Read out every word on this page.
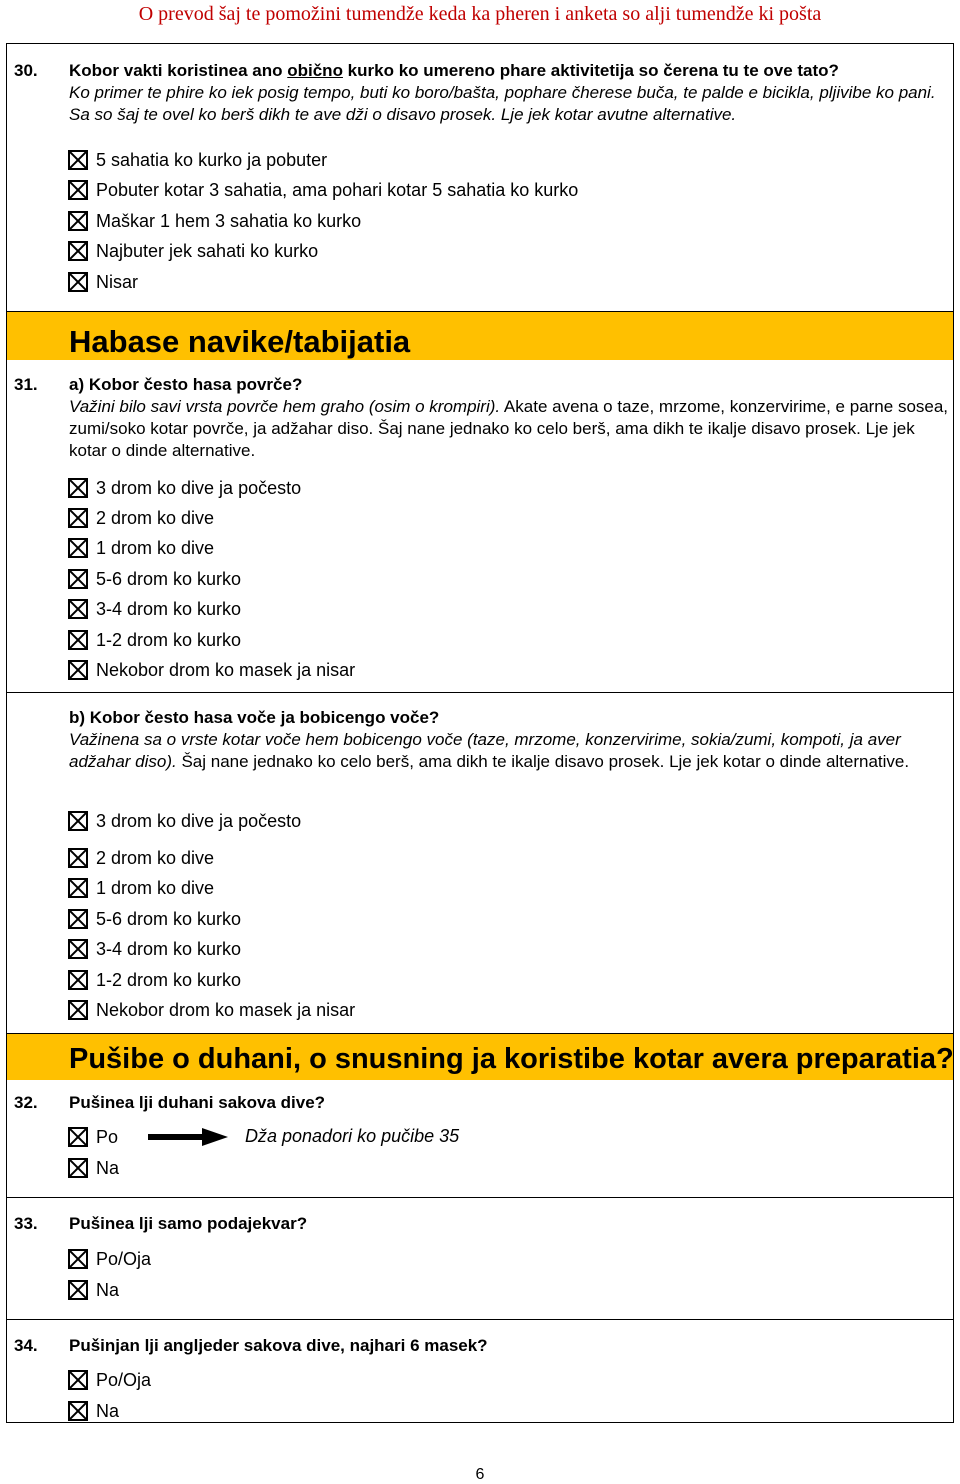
O prevod šaj te pomožini tumendže keda ka pheren i anketa so alji tumendže ki pošta
30. Kobor vakti koristinea ano obično kurko ko umereno phare aktivitetija so čerena tu te ove tato?
Ko primer te phire ko iek posig tempo, buti ko boro/bašta, pophare čherese buča, te palde e bicikla, pljivibe ko pani. Sa so šaj te ovel ko berš dikh te ave dži o disavo prosek. Lje jek kotar avutne alternative.
5 sahatia ko kurko ja pobuter
Pobuter kotar 3 sahatia, ama pohari kotar 5 sahatia ko kurko
Maškar 1 hem 3 sahatia ko kurko
Najbuter jek sahati ko kurko
Nisar
Habase navike/tabijatia
31. a) Kobor često hasa povrče?
Važini bilo savi vrsta povrče hem graho (osim o krompiri). Akate avena o taze, mrzome, konzervirime, e parne sosea, zumi/soko kotar povrče, ja adžahar diso. Šaj nane jednako ko celo berš, ama dikh te ikalje disavo prosek. Lje jek kotar o dinde alternative.
3 drom ko dive ja počesto
2 drom ko dive
1 drom ko dive
5-6 drom ko kurko
3-4 drom ko kurko
1-2 drom ko kurko
Nekobor drom ko masek ja nisar
b) Kobor često hasa voče ja bobicengo voče?
Važinena sa o vrste kotar voče hem bobicengo voče (taze, mrzome, konzervirime, sokia/zumi, kompoti, ja aver adžahar diso). Šaj nane jednako ko celo berš, ama dikh te ikalje disavo prosek. Lje jek kotar o dinde alternative.
3 drom ko dive ja počesto
2 drom ko dive
1 drom ko dive
5-6 drom ko kurko
3-4 drom ko kurko
1-2 drom ko kurko
Nekobor drom ko masek ja nisar
Pušibe o duhani, o snusning ja koristibe kotar avera preparatia?
32. Pušinea lji duhani sakova dive?
Po	Dža ponadori ko pučibe 35
Na
33. Pušinea lji samo podajekvar?
Po/Oja
Na
34. Pušinjan lji angljeder sakova dive, najhari 6 masek?
Po/Oja
Na
6
